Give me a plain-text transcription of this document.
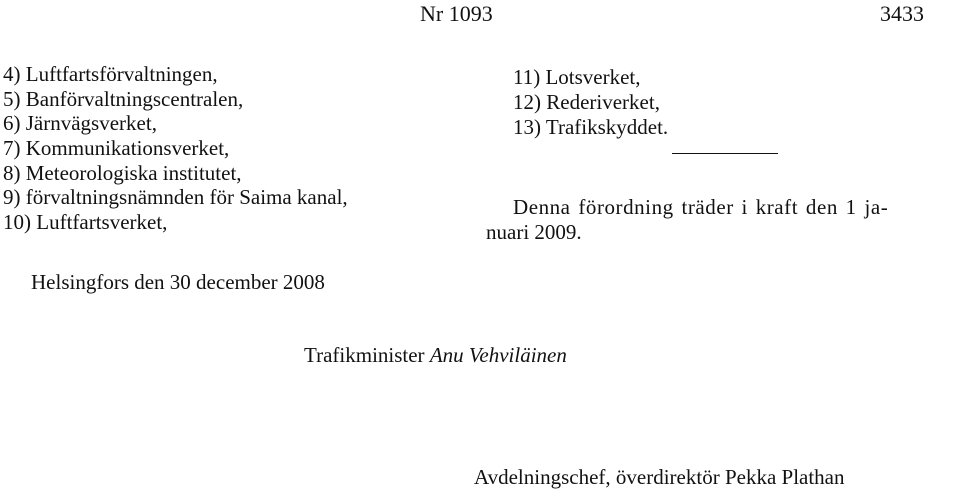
Nr 1093	3433
4) Luftfartsförvaltningen,
5) Banförvaltningscentralen,
6) Järnvägsverket,
7) Kommunikationsverket,
8) Meteorologiska institutet,
9) förvaltningsnämnden för Saima kanal,
10) Luftfartsverket,
11) Lotsverket,
12) Rederiverket,
13) Trafikskyddet.
Denna förordning träder i kraft den 1 ja-
nuari 2009.
Helsingfors den 30 december 2008
Trafikminister Anu Vehviläinen
Avdelningschef, överdirektör Pekka Plathan
